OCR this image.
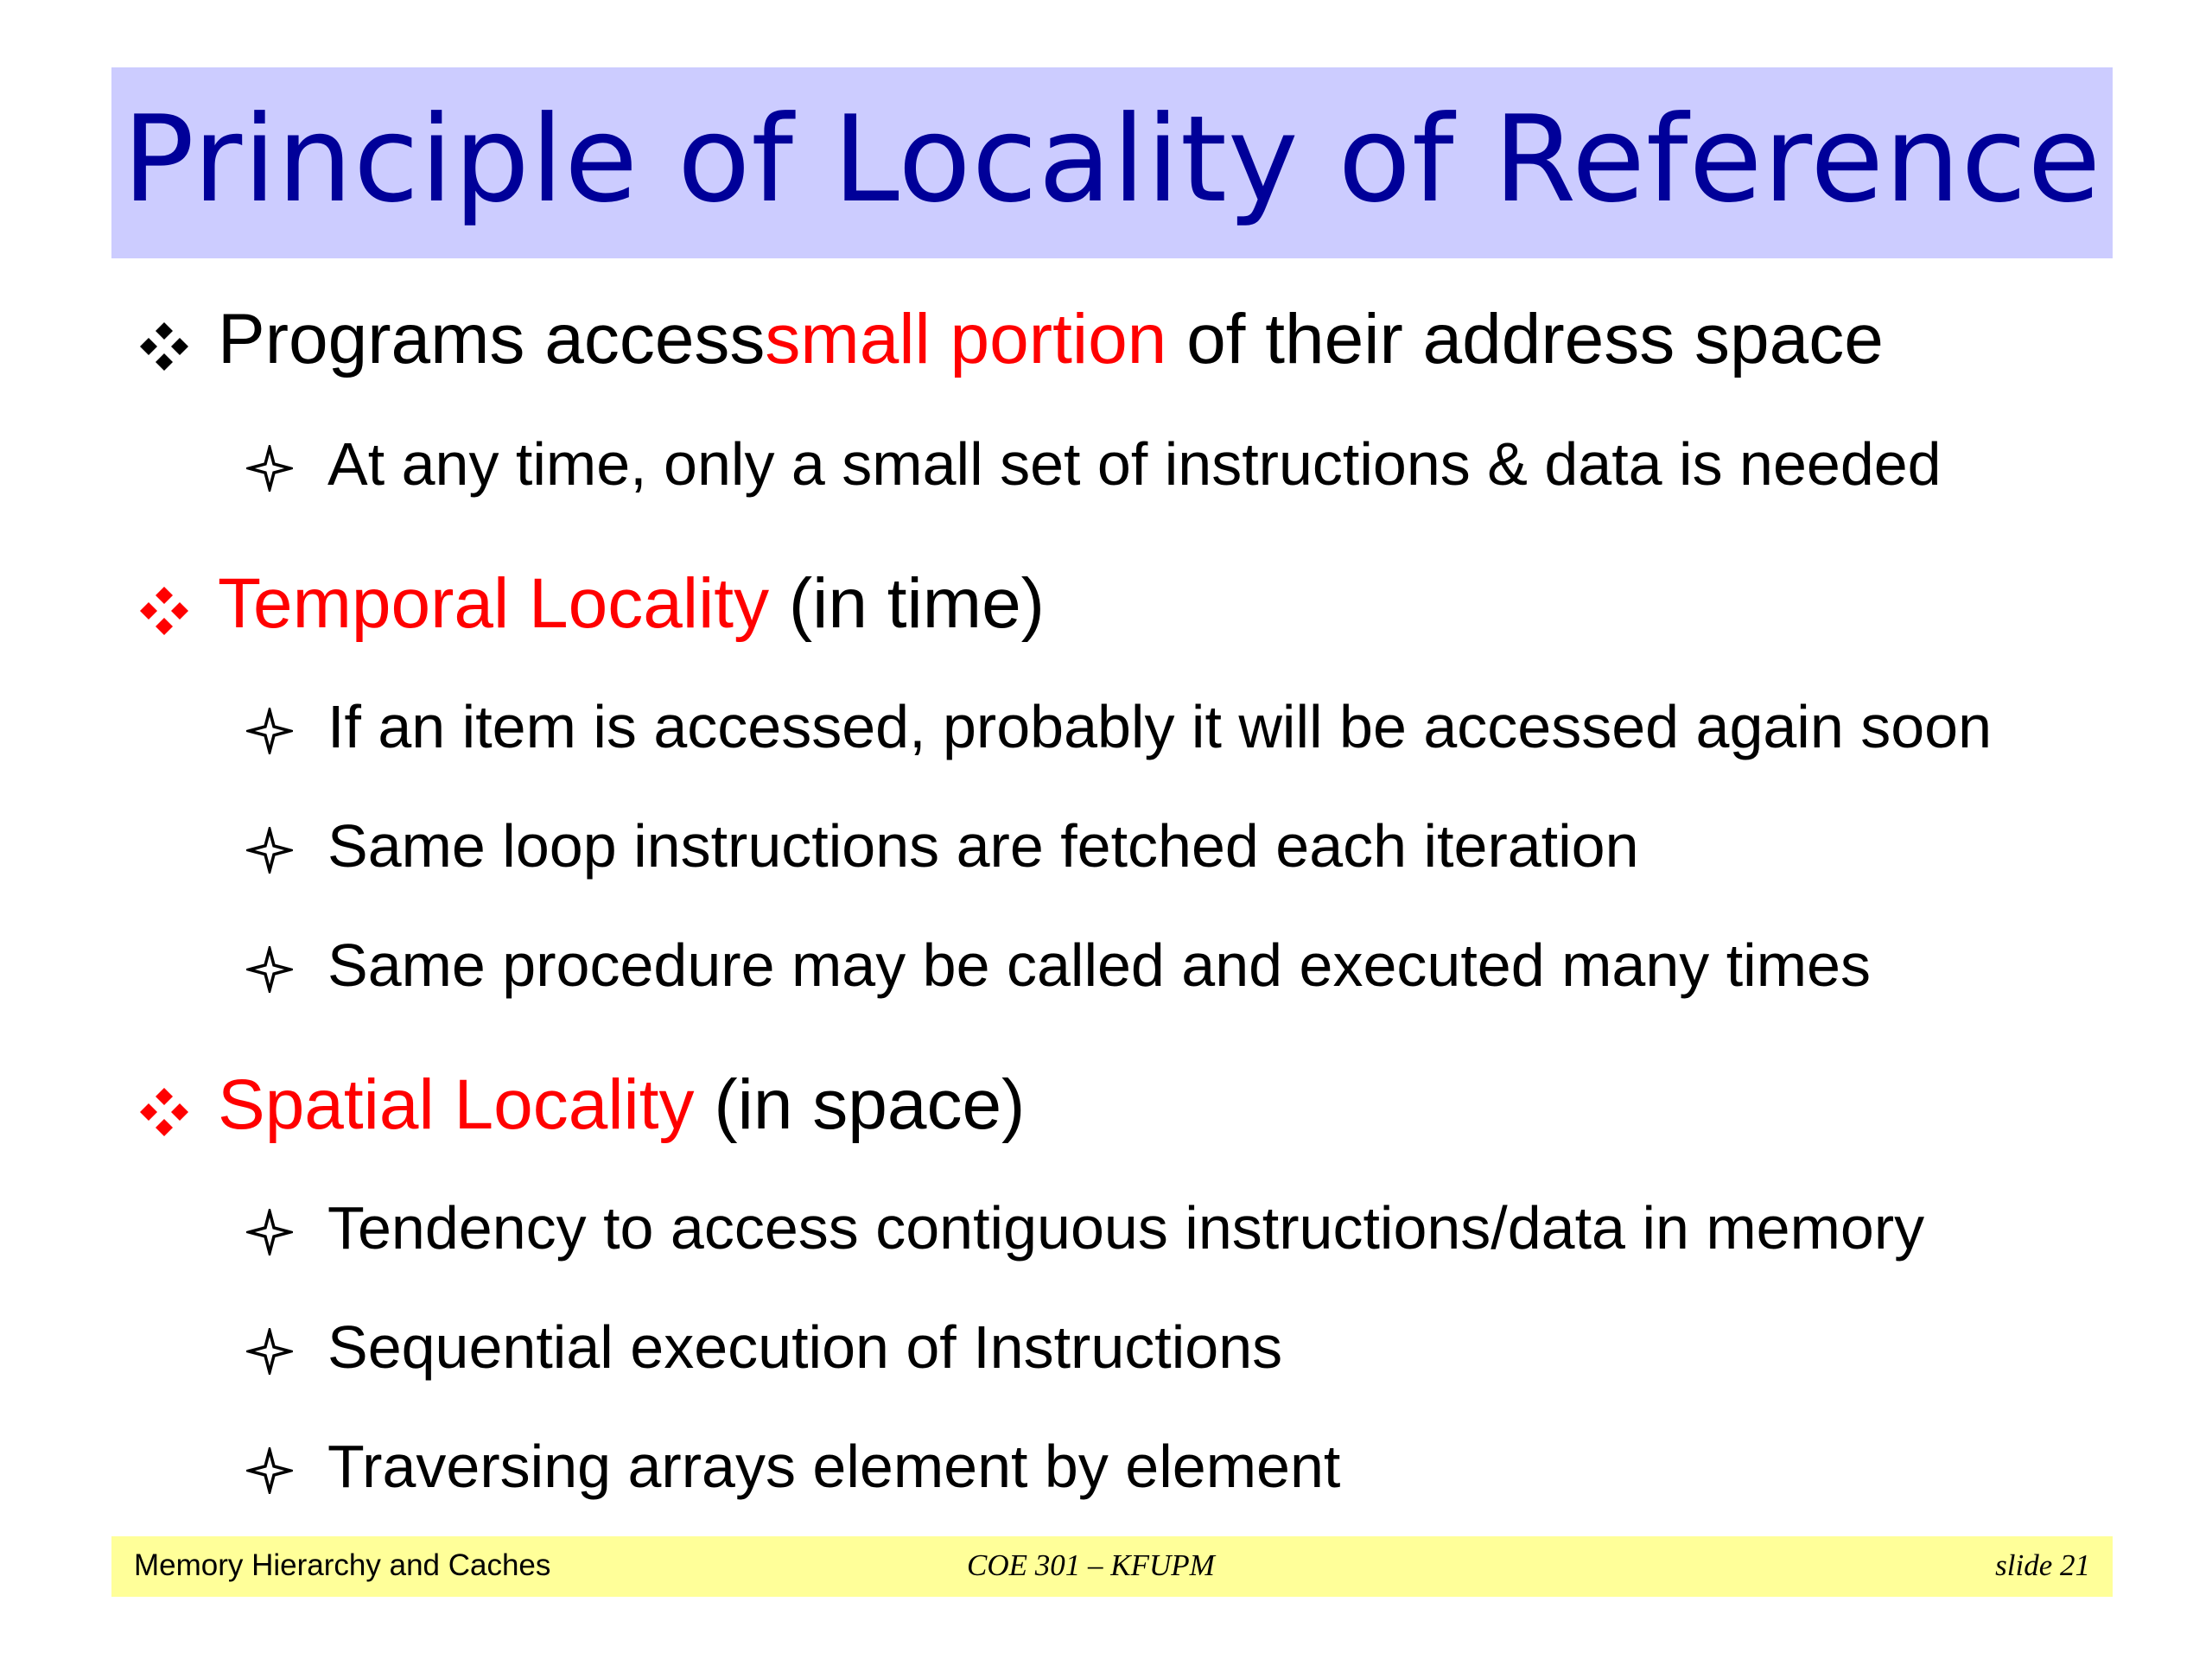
Principle of Locality of Reference
Programs access small portion of their address space
At any time, only a small set of instructions & data is needed
Temporal Locality (in time)
If an item is accessed, probably it will be accessed again soon
Same loop instructions are fetched each iteration
Same procedure may be called and executed many times
Spatial Locality (in space)
Tendency to access contiguous instructions/data in memory
Sequential execution of Instructions
Traversing arrays element by element
Memory Hierarchy and Caches	COE 301 – KFUPM	slide 21
